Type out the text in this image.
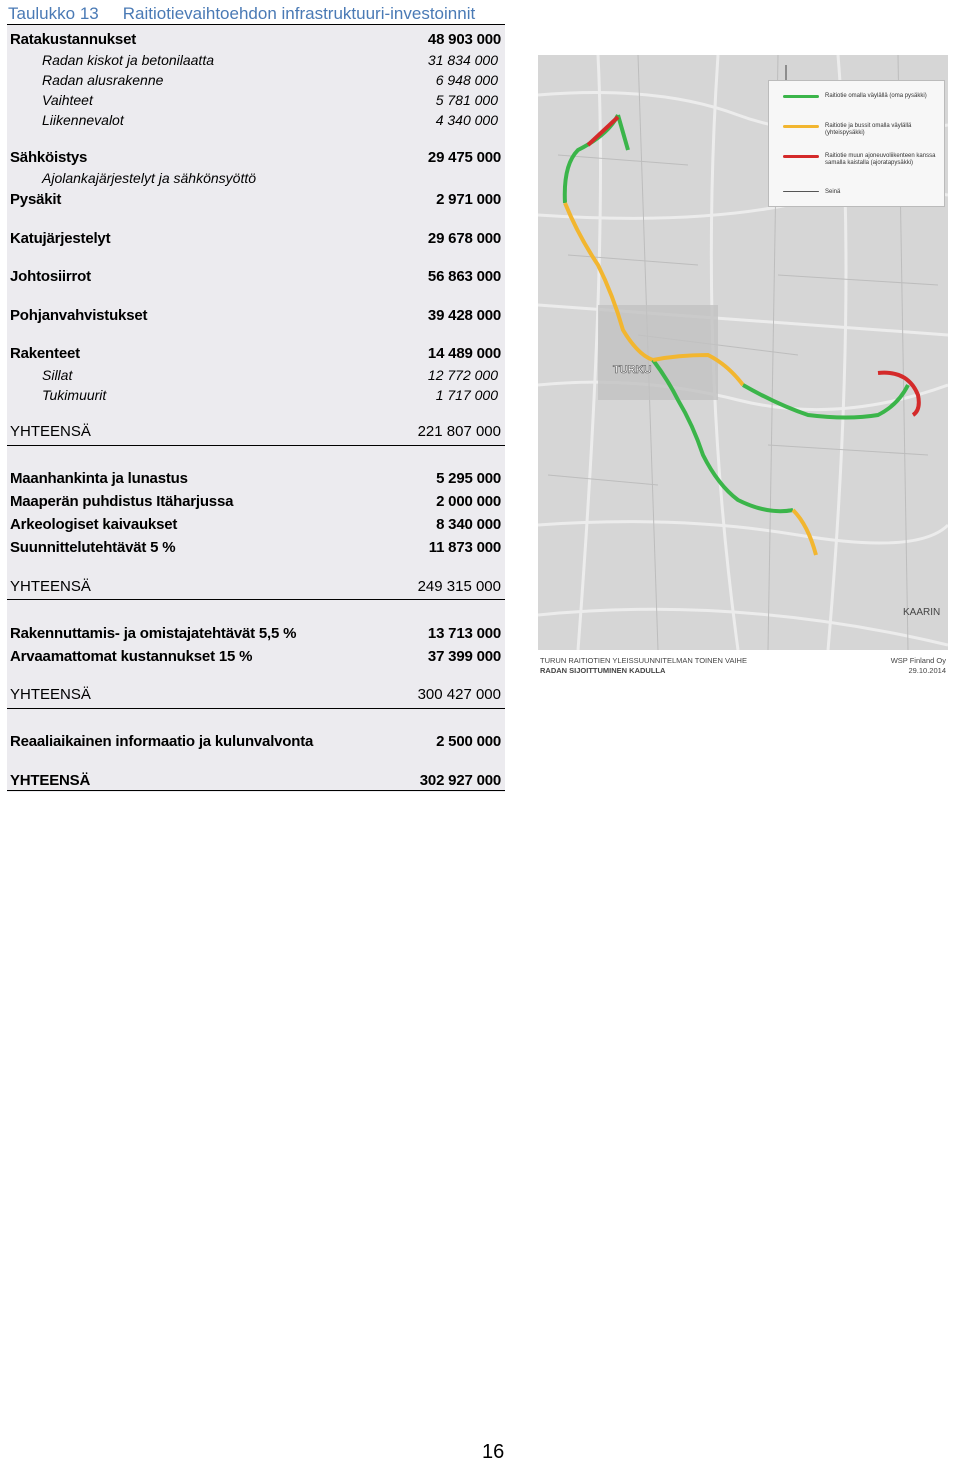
Taulukko 13 Raitiotievaihtoehdon infrastruktuuri-investoinnit
Ratakustannukset	48 903 000
Radan kiskot ja betonilaatta	31 834 000
Radan alusrakenne	6 948 000
Vaihteet	5 781 000
Liikennevalot	4 340 000
Sähköistys	29 475 000
Ajolankajärjestelyt ja sähkönsyöttö
Pysäkit	2 971 000
Katujärjestelyt	29 678 000
Johtosiirrot	56 863 000
Pohjanvahvistukset	39 428 000
Rakenteet	14 489 000
Sillat	12 772 000
Tukimuurit	1 717 000
YHTEENSÄ	221 807 000
Maanhankinta ja lunastus	5 295 000
Maaperän puhdistus Itäharjussa	2 000 000
Arkeologiset kaivaukset	8 340 000
Suunnittelutehtävät 5 %	11 873 000
YHTEENSÄ	249 315 000
Rakennuttamis- ja omistajatehtävät 5,5 %	13 713 000
Arvaamattomat kustannukset 15 %	37 399 000
YHTEENSÄ	300 427 000
Reaaliaikainen informaatio ja kulunvalvonta	2 500 000
YHTEENSÄ	302 927 000
TURKU
KAARIN
Raitiotie omalla väylällä (oma pysäkki)
Raitiotie ja bussit omalla väylällä (yhteispysäkki)
Raitiotie muun ajoneuvoliikenteen kanssa samalla kaistalla (ajoratapysäkki)
Seinä
TURUN RAITIOTIEN YLEISSUUNNITELMAN TOINEN VAIHE
RADAN SIJOITTUMINEN KADULLA
WSP Finland Oy
29.10.2014
16
